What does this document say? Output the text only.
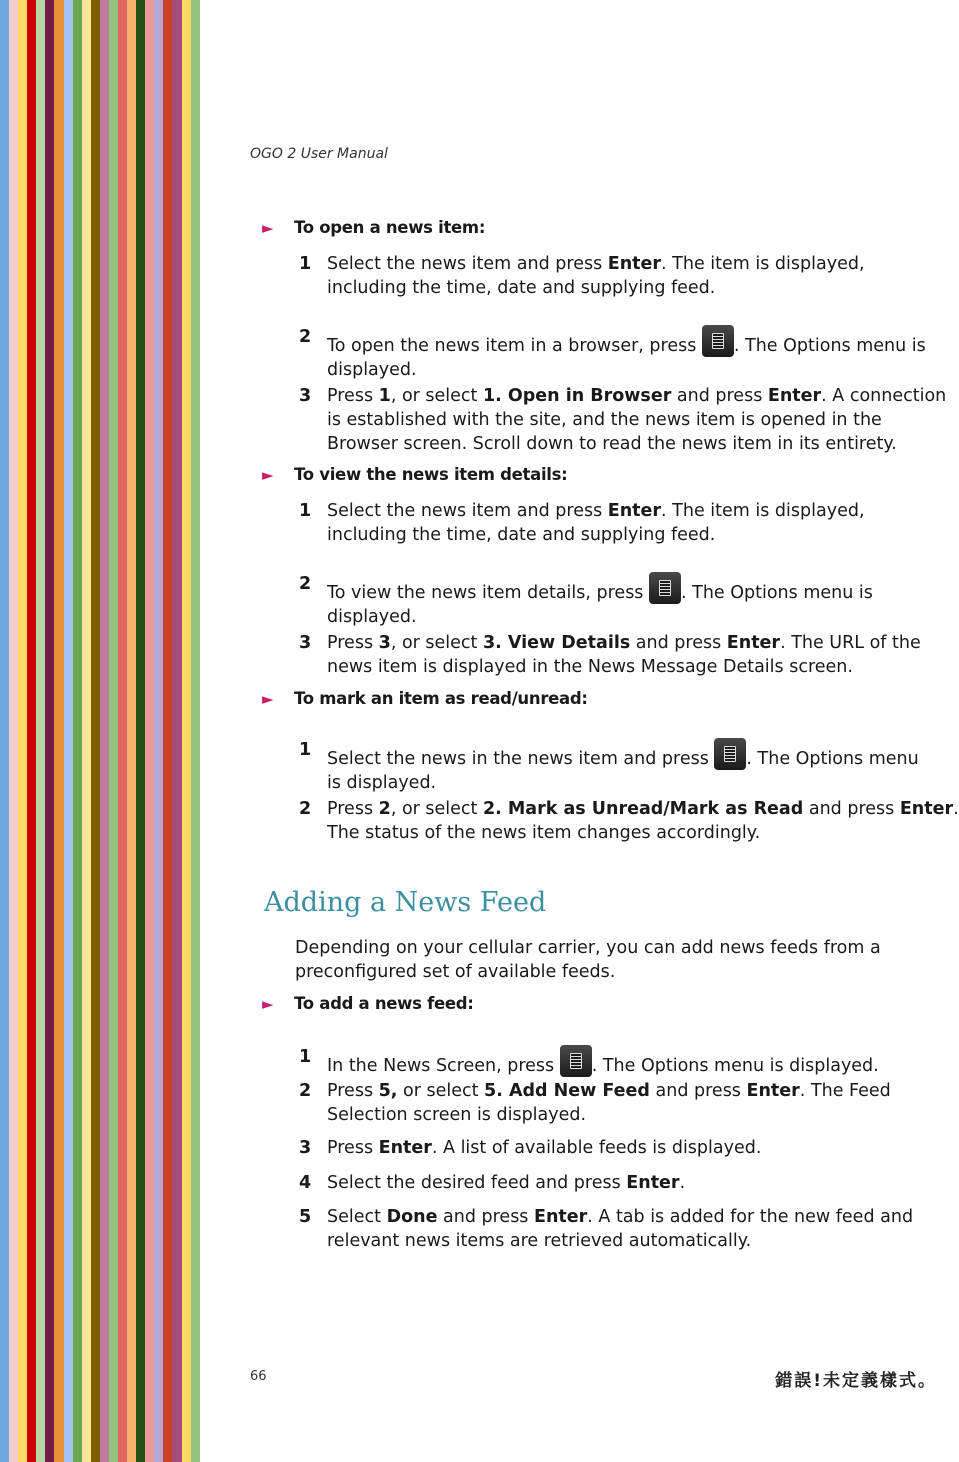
OGO 2 User Manual
► To open a news item:
1 Select the news item and press Enter. The item is displayed,
including the time, date and supplying feed.
2 To open the news item in a browser, press . The Options menu is
displayed.
3 Press 1, or select 1. Open in Browser and press Enter. A connection
is established with the site, and the news item is opened in the
Browser screen. Scroll down to read the news item in its entirety.
► To view the news item details:
1 Select the news item and press Enter. The item is displayed,
including the time, date and supplying feed.
2 To view the news item details, press . The Options menu is
displayed.
3 Press 3, or select 3. View Details and press Enter. The URL of the
news item is displayed in the News Message Details screen.
► To mark an item as read/unread:
1 Select the news in the news item and press . The Options menu
is displayed.
2 Press 2, or select 2. Mark as Unread/Mark as Read and press Enter.
The status of the news item changes accordingly.
Adding a News Feed
Depending on your cellular carrier, you can add news feeds from a
preconfigured set of available feeds.
► To add a news feed:
1 In the News Screen, press . The Options menu is displayed.
2 Press 5, or select 5. Add New Feed and press Enter. The Feed
Selection screen is displayed.
3 Press Enter. A list of available feeds is displayed.
4 Select the desired feed and press Enter.
5 Select Done and press Enter. A tab is added for the new feed and
relevant news items are retrieved automatically.
66	錯誤!未定義樣式。
